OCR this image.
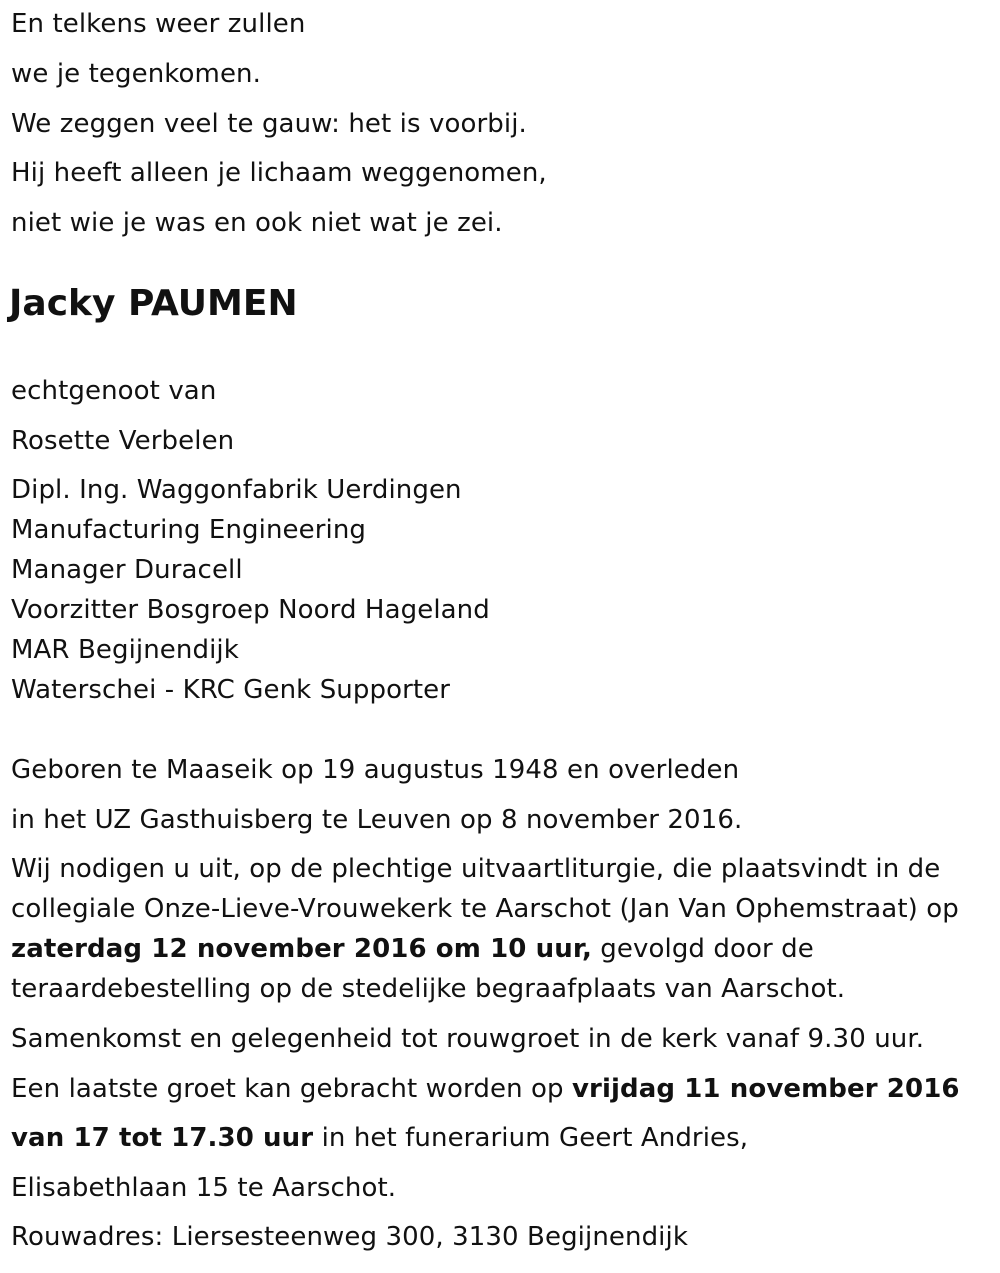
En telkens weer zullen
we je tegenkomen.
We zeggen veel te gauw: het is voorbij.
Hij heeft alleen je lichaam weggenomen,
niet wie je was en ook niet wat je zei.
Jacky PAUMEN
echtgenoot van
Rosette Verbelen
Dipl. Ing. Waggonfabrik Uerdingen
Manufacturing Engineering
Manager Duracell
Voorzitter Bosgroep Noord Hageland
MAR Begijnendijk
Waterschei - KRC Genk Supporter
Geboren te Maaseik op 19 augustus 1948 en overleden
in het UZ Gasthuisberg te Leuven op 8 november 2016.
Wij nodigen u uit, op de plechtige uitvaartliturgie, die plaatsvindt in de
collegiale Onze-Lieve-Vrouwekerk te Aarschot (Jan Van Ophemstraat) op
zaterdag 12 november 2016 om 10 uur, gevolgd door de
teraardebestelling op de stedelijke begraafplaats van Aarschot.
Samenkomst en gelegenheid tot rouwgroet in de kerk vanaf 9.30 uur.
Een laatste groet kan gebracht worden op vrijdag 11 november 2016
van 17 tot 17.30 uur in het funerarium Geert Andries,
Elisabethlaan 15 te Aarschot.
Rouwadres: Liersesteenweg 300, 3130 Begijnendijk
